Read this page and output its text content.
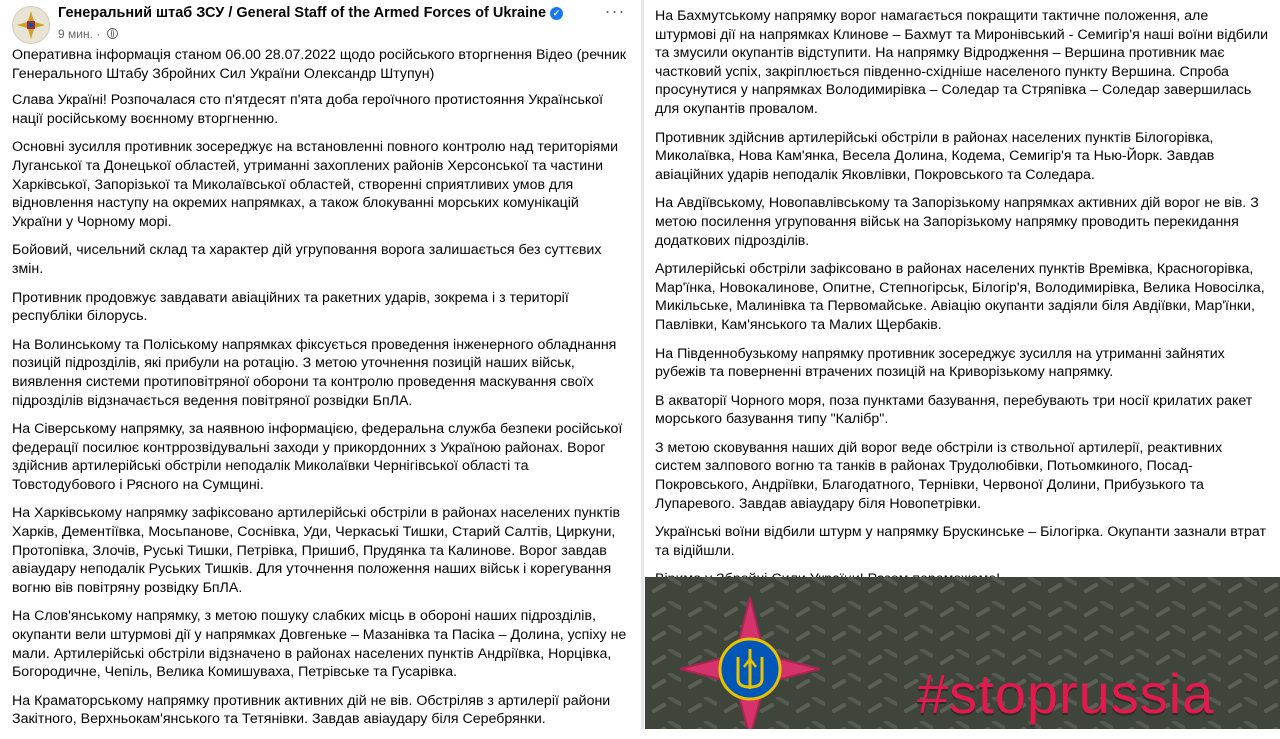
Генеральний штаб ЗСУ / General Staff of the Armed Forces of Ukraine ✓
9 мин. ·
···

Оперативна інформація станом 06.00 28.07.2022 щодо російського вторгнення Відео (речник Генерального Штабу Збройних Сил України Олександр Штупун)

Слава Україні! Розпочалася сто п'ятдесят п'ята доба героїчного протистояння Української нації російському воєнному вторгненню.

Основні зусилля противник зосереджує на встановленні повного контролю над територіями Луганської та Донецької областей, утриманні захоплених районів Херсонської та частини Харківської, Запорізької та Миколаївської областей, створенні сприятливих умов для відновлення наступу на окремих напрямках, а також блокуванні морських комунікацій України у Чорному морі.

Бойовий, чисельний склад та характер дій угруповання ворога залишається без суттєвих змін.

Противник продовжує завдавати авіаційних та ракетних ударів, зокрема і з території республіки білорусь.

На Волинському та Поліському напрямках фіксується проведення інженерного обладнання позицій підрозділів, які прибули на ротацію. З метою уточнення позицій наших військ, виявлення системи протиповітряної оборони та контролю проведення маскування своїх підрозділів відзначається ведення повітряної розвідки БпЛА.

На Сіверському напрямку, за наявною інформацією, федеральна служба безпеки російської федерації посилює контррозвідувальні заходи у прикордонних з Україною районах. Ворог здійснив артилерійські обстріли неподалік Миколаївки Чернігівської області та Товстодубового і Рясного на Сумщині.

На Харківському напрямку зафіксовано артилерійські обстріли в районах населених пунктів Харків, Дементіївка, Мосьпанове, Соснівка, Уди, Черкаські Тишки, Старий Салтів, Циркуни, Протопівка, Злочів, Руські Тишки, Петрівка, Пришиб, Прудянка та Калинове. Ворог завдав авіаудару неподалік Руських Тишків. Для уточнення положення наших військ і корегування вогню вів повітряну розвідку БпЛА.

На Слов'янському напрямку, з метою пошуку слабких місць в обороні наших підрозділів, окупанти вели штурмові дії у напрямках Довгеньке – Мазанівка та Пасіка – Долина, успіху не мали. Артилерійські обстріли відзначено в районах населених пунктів Андріївка, Норцівка, Богородичне, Чепіль, Велика Комишуваха, Петрівське та Гусарівка.

На Краматорському напрямку противник активних дій не вів. Обстріляв з артилерії райони Закітного, Верхньокам'янського та Тетянівки. Завдав авіаудару біля Серебрянки.

На Бахмутському напрямку ворог намагається покращити тактичне положення, але штурмові дії на напрямках Клинове – Бахмут та Миронівський - Семигір'я наші воїни відбили та змусили окупантів відступити. На напрямку Відродження – Вершина противник має частковий успіх, закріплюється південно-східніше населеного пункту Вершина. Спроба просунутися у напрямках Володимирівка – Соледар та Стряпівка – Соледар завершилась для окупантів провалом.

Противник здійснив артилерійські обстріли в районах населених пунктів Білогорівка, Миколаївка, Нова Кам'янка, Весела Долина, Кодема, Семигір'я та Нью-Йорк. Завдав авіаційних ударів неподалік Яковлівки, Покровського та Соледара.

На Авдіївському, Новопавлівському та Запорізькому напрямках активних дій ворог не вів. З метою посилення угруповання військ на Запорізькому напрямку проводить перекидання додаткових підрозділів.

Артилерійські обстріли зафіксовано в районах населених пунктів Времівка, Красногорівка, Мар'їнка, Новокалинове, Опитне, Степногірськ, Білогір'я, Володимирівка, Велика Новосілка, Микільське, Малинівка та Первомайське. Авіацію окупанти задіяли біля Авдіївки, Мар'їнки, Павлівки, Кам'янського та Малих Щербаків.

На Південнобузькому напрямку противник зосереджує зусилля на утриманні зайнятих рубежів та поверненні втрачених позицій на Криворізькому напрямку.

В акваторії Чорного моря, поза пунктами базування, перебувають три носії крилатих ракет морського базування типу "Калібр".

З метою сковування наших дій ворог веде обстріли із ствольної артилерії, реактивних систем залпового вогню та танків в районах Трудолюбівки, Потьомкиного, Посад-Покровського, Андріївки, Благодатного, Тернівки, Червоної Долини, Прибузького та Лупаревого. Завдав авіаудару біля Новопетрівки.

Українські воїни відбили штурм у напрямку Брускинське – Білогірка. Окупанти зазнали втрат та відійшли.

#stoprussia
